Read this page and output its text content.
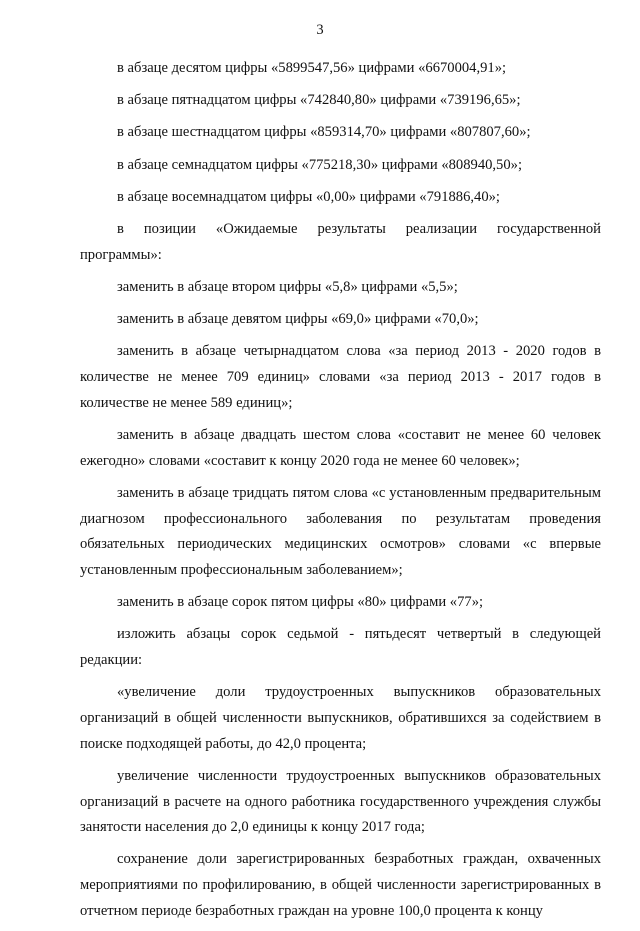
3

в абзаце десятом цифры «5899547,56» цифрами «6670004,91»;

в абзаце пятнадцатом цифры «742840,80» цифрами «739196,65»;

в абзаце шестнадцатом цифры «859314,70» цифрами «807807,60»;

в абзаце семнадцатом цифры «775218,30» цифрами «808940,50»;

в абзаце восемнадцатом цифры «0,00» цифрами «791886,40»;

в позиции «Ожидаемые результаты реализации государственной программы»:

заменить в абзаце втором цифры «5,8» цифрами «5,5»;

заменить в абзаце девятом цифры «69,0» цифрами «70,0»;

заменить в абзаце четырнадцатом слова «за период 2013 - 2020 годов в количестве не менее 709 единиц» словами «за период 2013 - 2017 годов в количестве не менее 589 единиц»;

заменить в абзаце двадцать шестом слова «составит не менее 60 человек ежегодно» словами «составит к концу 2020 года не менее 60 человек»;

заменить в абзаце тридцать пятом слова «с установленным предварительным диагнозом профессионального заболевания по результатам проведения обязательных периодических медицинских осмотров» словами «с впервые установленным профессиональным заболеванием»;

заменить в абзаце сорок пятом цифры «80» цифрами «77»;

изложить абзацы сорок седьмой - пятьдесят четвертый в следующей редакции:

«увеличение доли трудоустроенных выпускников образовательных организаций в общей численности выпускников, обратившихся за содействием в поиске подходящей работы, до 42,0 процента;

увеличение численности трудоустроенных выпускников образовательных организаций в расчете на одного работника государственного учреждения службы занятости населения до 2,0 единицы к концу 2017 года;

сохранение доли зарегистрированных безработных граждан, охваченных мероприятиями по профилированию, в общей численности зарегистрированных в отчетном периоде безработных граждан на уровне 100,0 процента к концу
